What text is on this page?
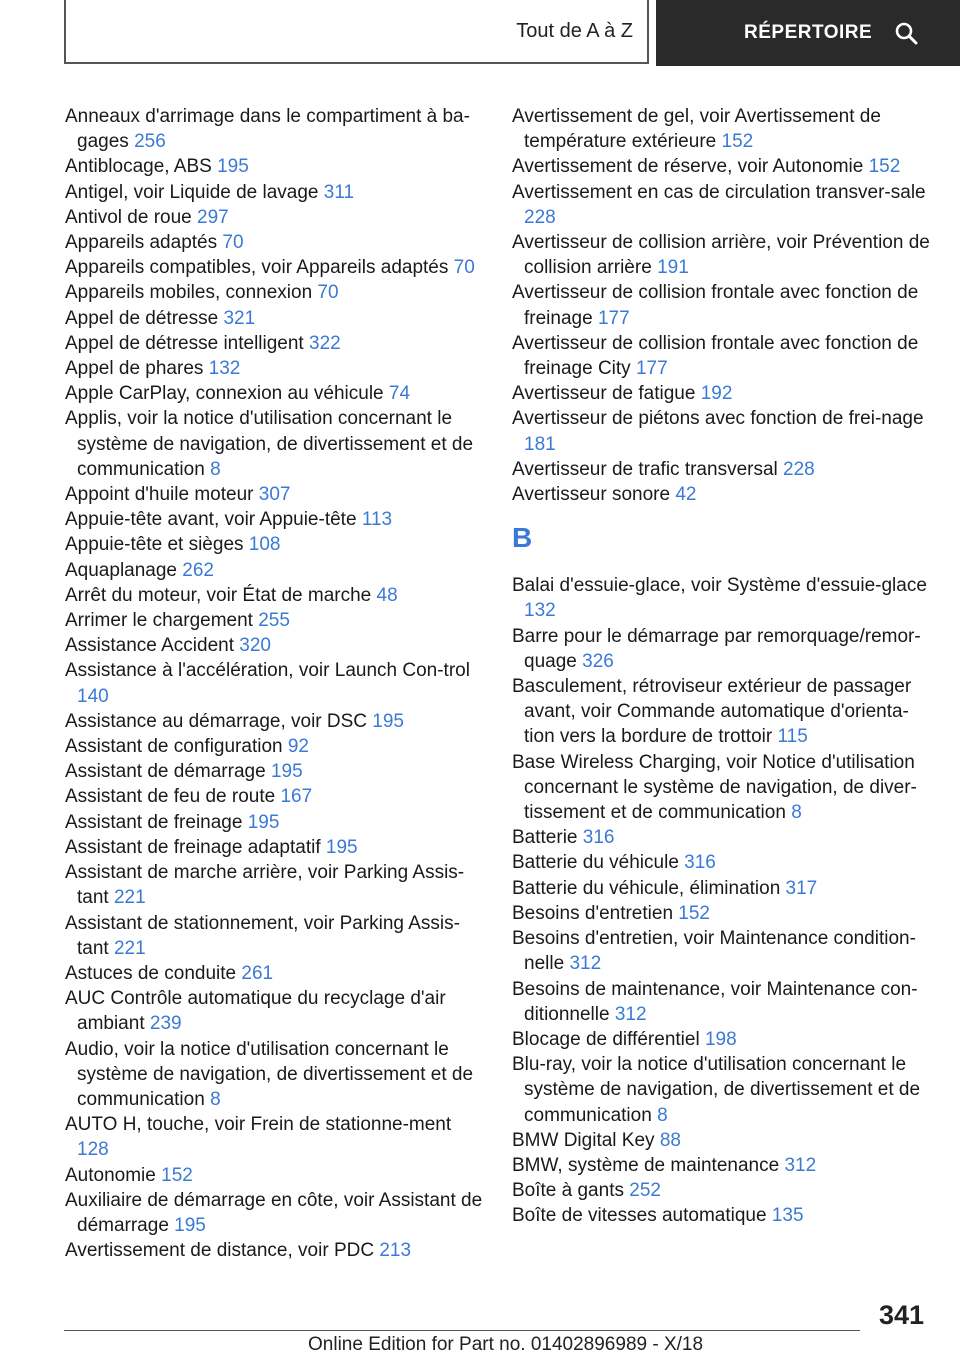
Tout de A à Z	RÉPERTOIRE
Anneaux d'arrimage dans le compartiment à ba-gages 256
Antiblocage, ABS 195
Antigel, voir Liquide de lavage 311
Antivol de roue 297
Appareils adaptés 70
Appareils compatibles, voir Appareils adaptés 70
Appareils mobiles, connexion 70
Appel de détresse 321
Appel de détresse intelligent 322
Appel de phares 132
Apple CarPlay, connexion au véhicule 74
Applis, voir la notice d'utilisation concernant le système de navigation, de divertissement et de communication 8
Appoint d'huile moteur 307
Appuie-tête avant, voir Appuie-tête 113
Appuie-tête et sièges 108
Aquaplanage 262
Arrêt du moteur, voir État de marche 48
Arrimer le chargement 255
Assistance Accident 320
Assistance à l'accélération, voir Launch Con-trol 140
Assistance au démarrage, voir DSC 195
Assistant de configuration 92
Assistant de démarrage 195
Assistant de feu de route 167
Assistant de freinage 195
Assistant de freinage adaptatif 195
Assistant de marche arrière, voir Parking Assis-tant 221
Assistant de stationnement, voir Parking Assis-tant 221
Astuces de conduite 261
AUC Contrôle automatique du recyclage d'air ambiant 239
Audio, voir la notice d'utilisation concernant le système de navigation, de divertissement et de communication 8
AUTO H, touche, voir Frein de stationne-ment 128
Autonomie 152
Auxiliaire de démarrage en côte, voir Assistant de démarrage 195
Avertissement de distance, voir PDC 213
Avertissement de gel, voir Avertissement de température extérieure 152
Avertissement de réserve, voir Autonomie 152
Avertissement en cas de circulation transver-sale 228
Avertisseur de collision arrière, voir Prévention de collision arrière 191
Avertisseur de collision frontale avec fonction de freinage 177
Avertisseur de collision frontale avec fonction de freinage City 177
Avertisseur de fatigue 192
Avertisseur de piétons avec fonction de frei-nage 181
Avertisseur de trafic transversal 228
Avertisseur sonore 42
B
Balai d'essuie-glace, voir Système d'essuie-glace 132
Barre pour le démarrage par remorquage/remor-quage 326
Basculement, rétroviseur extérieur de passager avant, voir Commande automatique d'orienta-tion vers la bordure de trottoir 115
Base Wireless Charging, voir Notice d'utilisation concernant le système de navigation, de diver-tissement et de communication 8
Batterie 316
Batterie du véhicule 316
Batterie du véhicule, élimination 317
Besoins d'entretien 152
Besoins d'entretien, voir Maintenance condition-nelle 312
Besoins de maintenance, voir Maintenance con-ditionnelle 312
Blocage de différentiel 198
Blu-ray, voir la notice d'utilisation concernant le système de navigation, de divertissement et de communication 8
BMW Digital Key 88
BMW, système de maintenance 312
Boîte à gants 252
Boîte de vitesses automatique 135
341
Online Edition for Part no. 01402896989 - X/18
